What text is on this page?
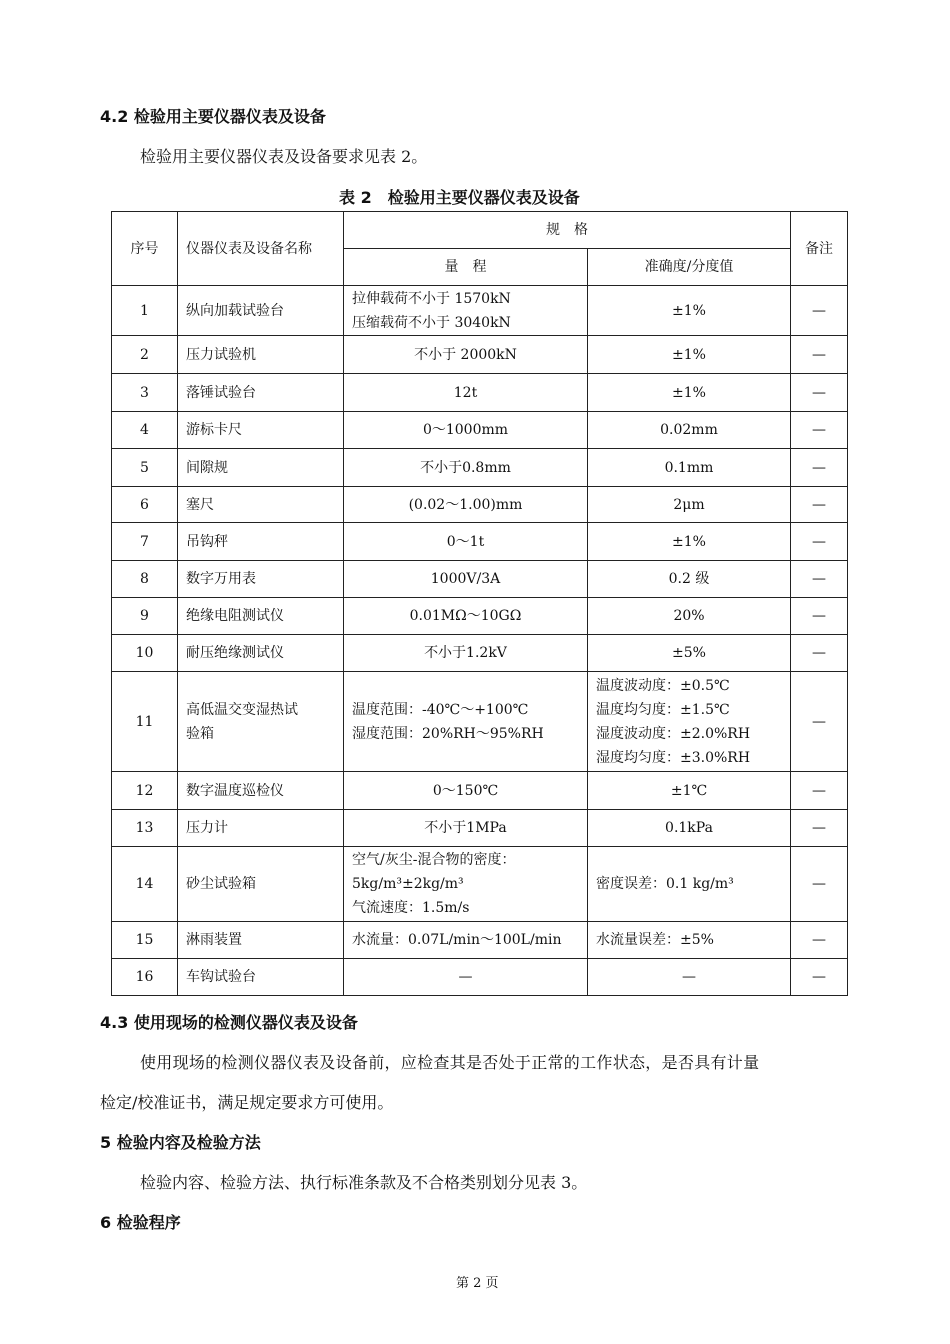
4.2 检验用主要仪器仪表及设备
检验用主要仪器仪表及设备要求见表 2。
表 2　检验用主要仪器仪表及设备
序号	仪器仪表及设备名称	规　格		备注
		量　程	准确度/分度值	
1	纵向加载试验台	拉伸载荷不小于 1570kN
压缩载荷不小于 3040kN	±1%	—
2	压力试验机	不小于 2000kN	±1%	—
3	落锤试验台	12t	±1%	—
4	游标卡尺	0～1000mm	0.02mm	—
5	间隙规	不小于0.8mm	0.1mm	—
6	塞尺	(0.02～1.00)mm	2μm	—
7	吊钩秤	0～1t	±1%	—
8	数字万用表	1000V/3A	0.2 级	—
9	绝缘电阻测试仪	0.01MΩ～10GΩ	20%	—
10	耐压绝缘测试仪	不小于1.2kV	±5%	—
11	高低温交变湿热试
验箱	温度范围：-40℃～+100℃
湿度范围：20%RH～95%RH	温度波动度：±0.5℃
温度均匀度：±1.5℃
湿度波动度：±2.0%RH
湿度均匀度：±3.0%RH	—
12	数字温度巡检仪	0～150℃	±1℃	—
13	压力计	不小于1MPa	0.1kPa	—
14	砂尘试验箱	空气/灰尘-混合物的密度：
5kg/m³±2kg/m³
气流速度：1.5m/s	密度误差：0.1 kg/m³	—
15	淋雨装置	水流量：0.07L/min～100L/min	水流量误差：±5%	—
16	车钩试验台	—	—	—
4.3 使用现场的检测仪器仪表及设备
使用现场的检测仪器仪表及设备前，应检查其是否处于正常的工作状态，是否具有计量
检定/校准证书，满足规定要求方可使用。
5 检验内容及检验方法
检验内容、检验方法、执行标准条款及不合格类别划分见表 3。
6 检验程序
第 2 页
